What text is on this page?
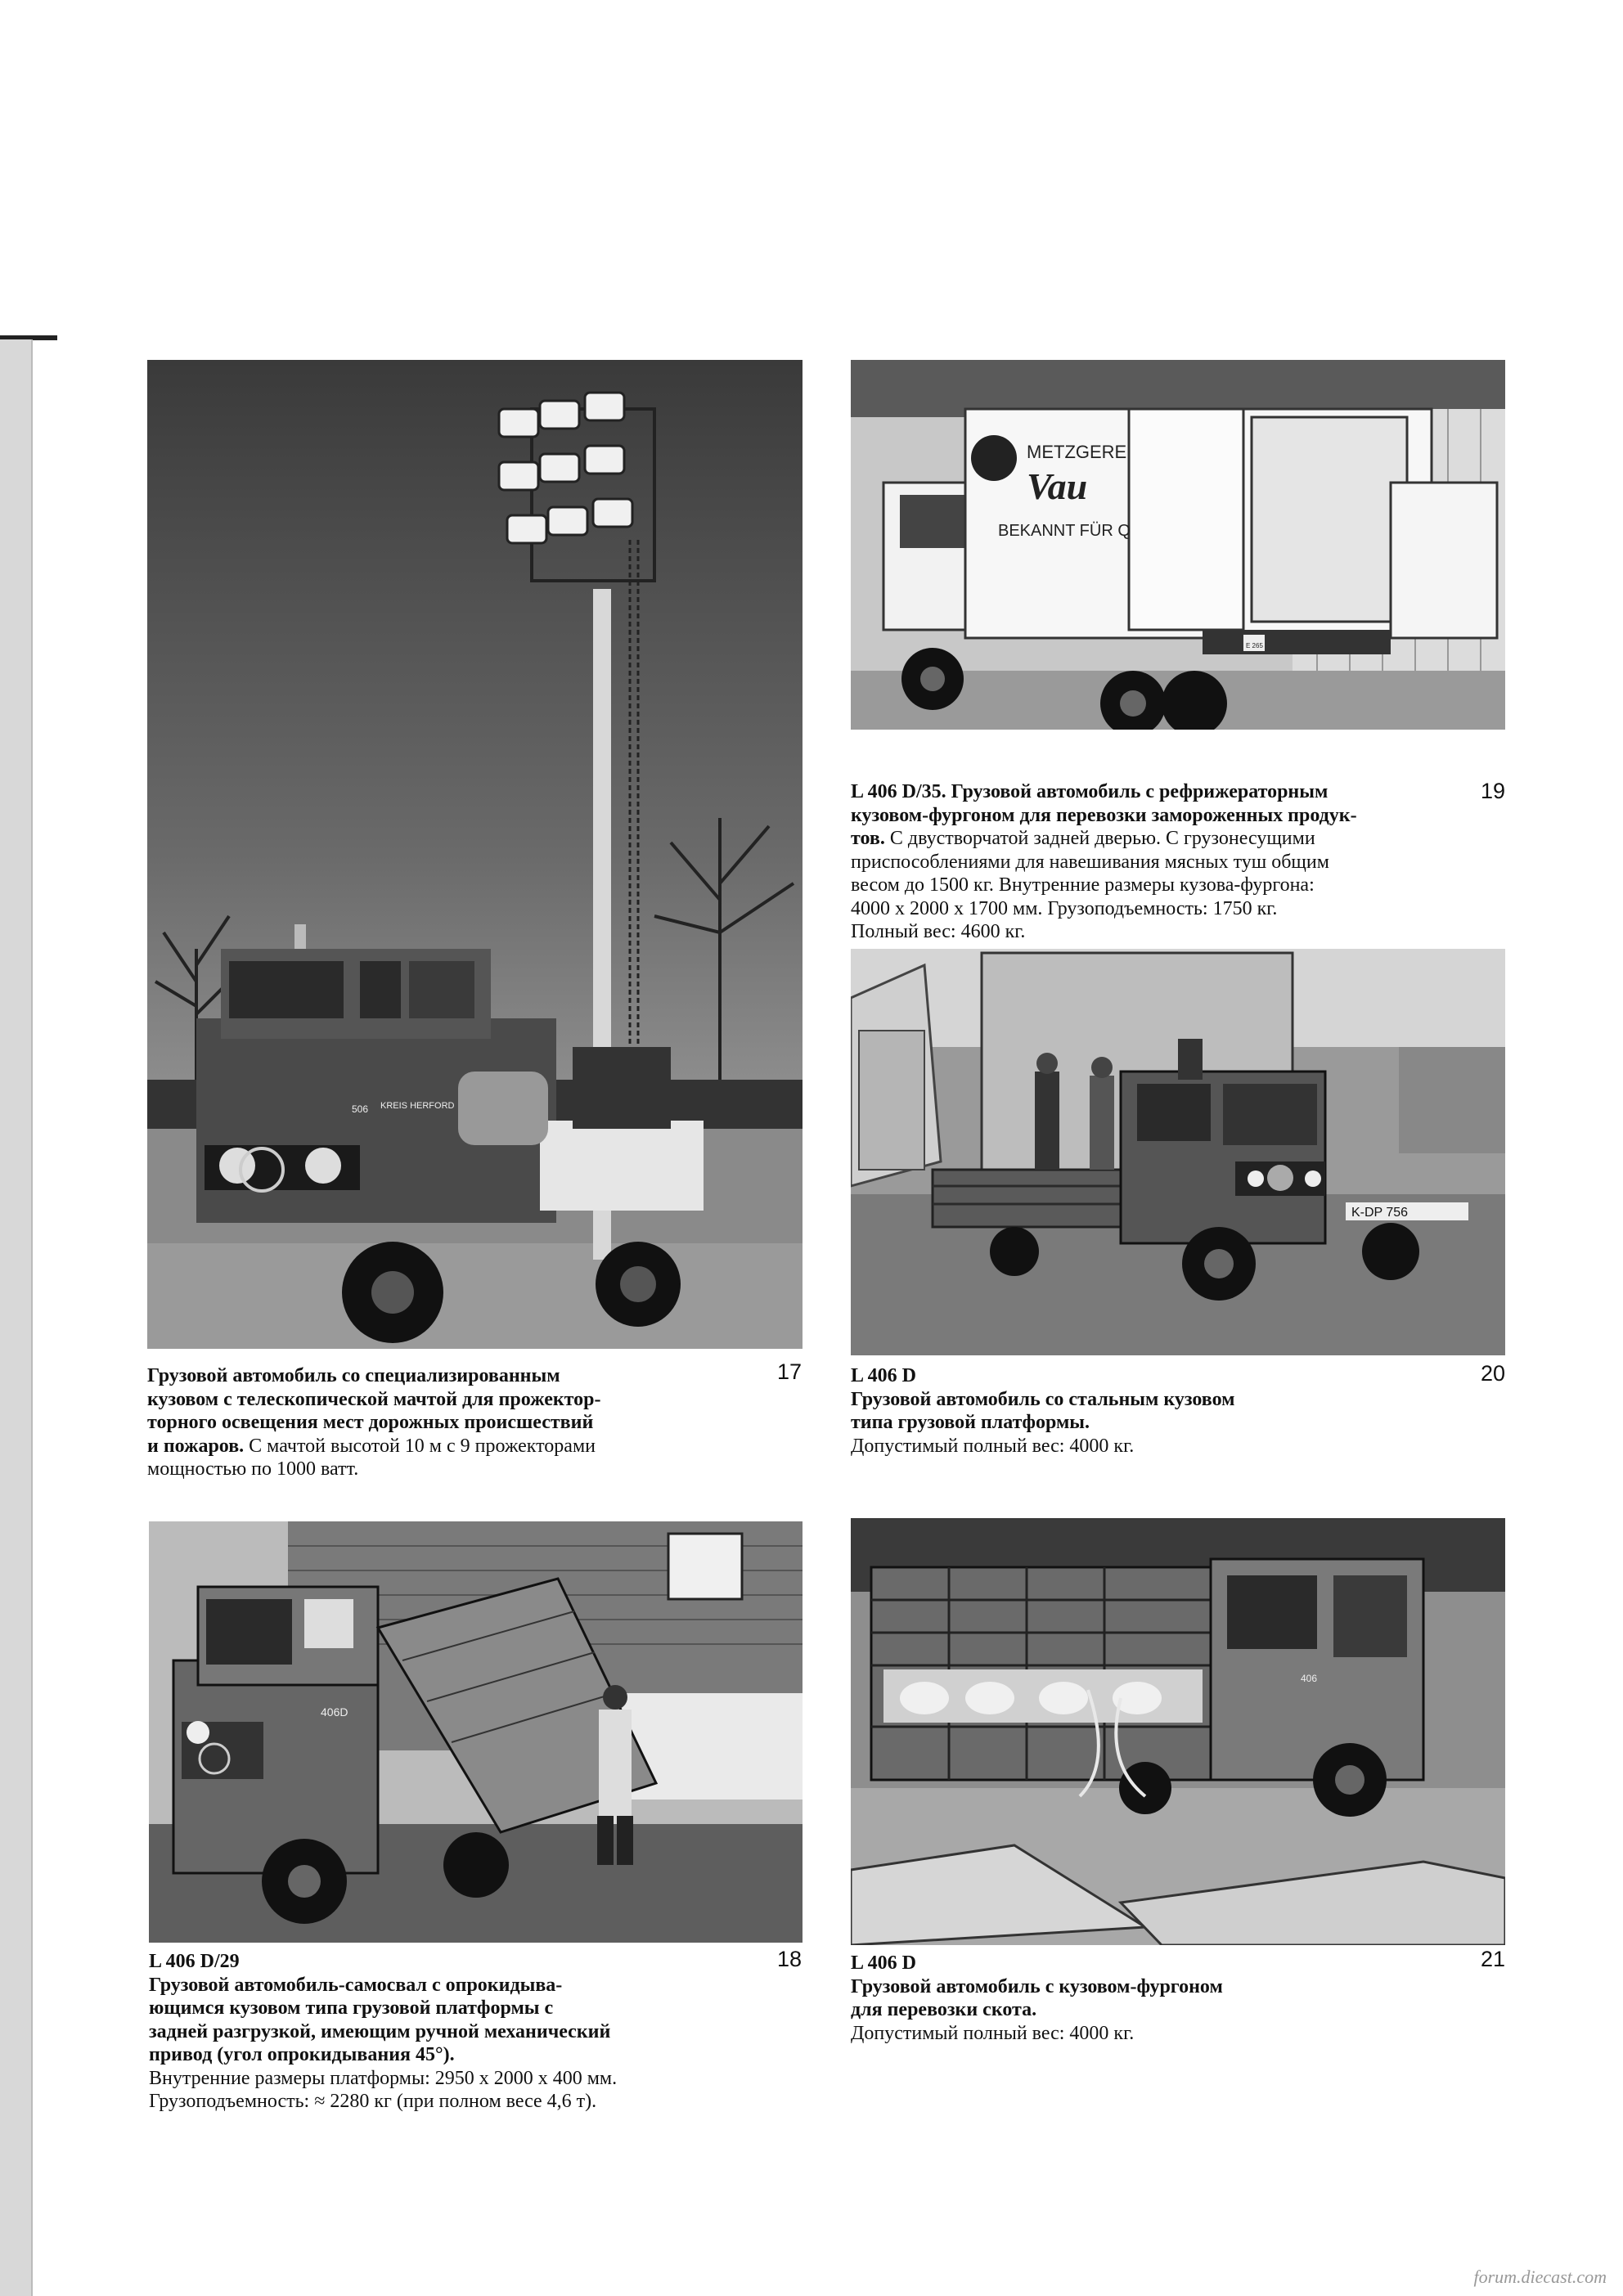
KREIS HERFORD
506
17
Грузовой автомобиль со специализированным
кузовом с телескопической мачтой для прожектор-
торного освещения мест дорожных происшествий
и пожаров. С мачтой высотой 10 м с 9 прожекторами
мощностью по 1000 ватт.
METZGERE
Vau
BEKANNT FÜR Q
E 265
19
L 406 D/35. Грузовой автомобиль с рефрижераторным
кузовом-фургоном для перевозки замороженных продук-
тов. С двустворчатой задней дверью. С грузонесущими
приспособлениями для навешивания мясных туш общим
весом до 1500 кг. Внутренние размеры кузова-фургона:
4000 х 2000 х 1700 мм. Грузоподъемность: 1750 кг.
Полный вес: 4600 кг.
K-DP 756
20
L 406 D
Грузовой автомобиль со стальным кузовом
типа грузовой платформы.
Допустимый полный вес: 4000 кг.
406D
18
L 406 D/29
Грузовой автомобиль-самосвал с опрокидыва-
ющимся кузовом типа грузовой платформы с
задней разгрузкой, имеющим ручной механический
привод (угол опрокидывания 45°).
Внутренние размеры платформы: 2950 х 2000 х 400 мм.
Грузоподъемность: ≈ 2280 кг (при полном весе 4,6 т).
406
21
L 406 D
Грузовой автомобиль с кузовом-фургоном
для перевозки скота.
Допустимый полный вес: 4000 кг.
forum.diecast.com
